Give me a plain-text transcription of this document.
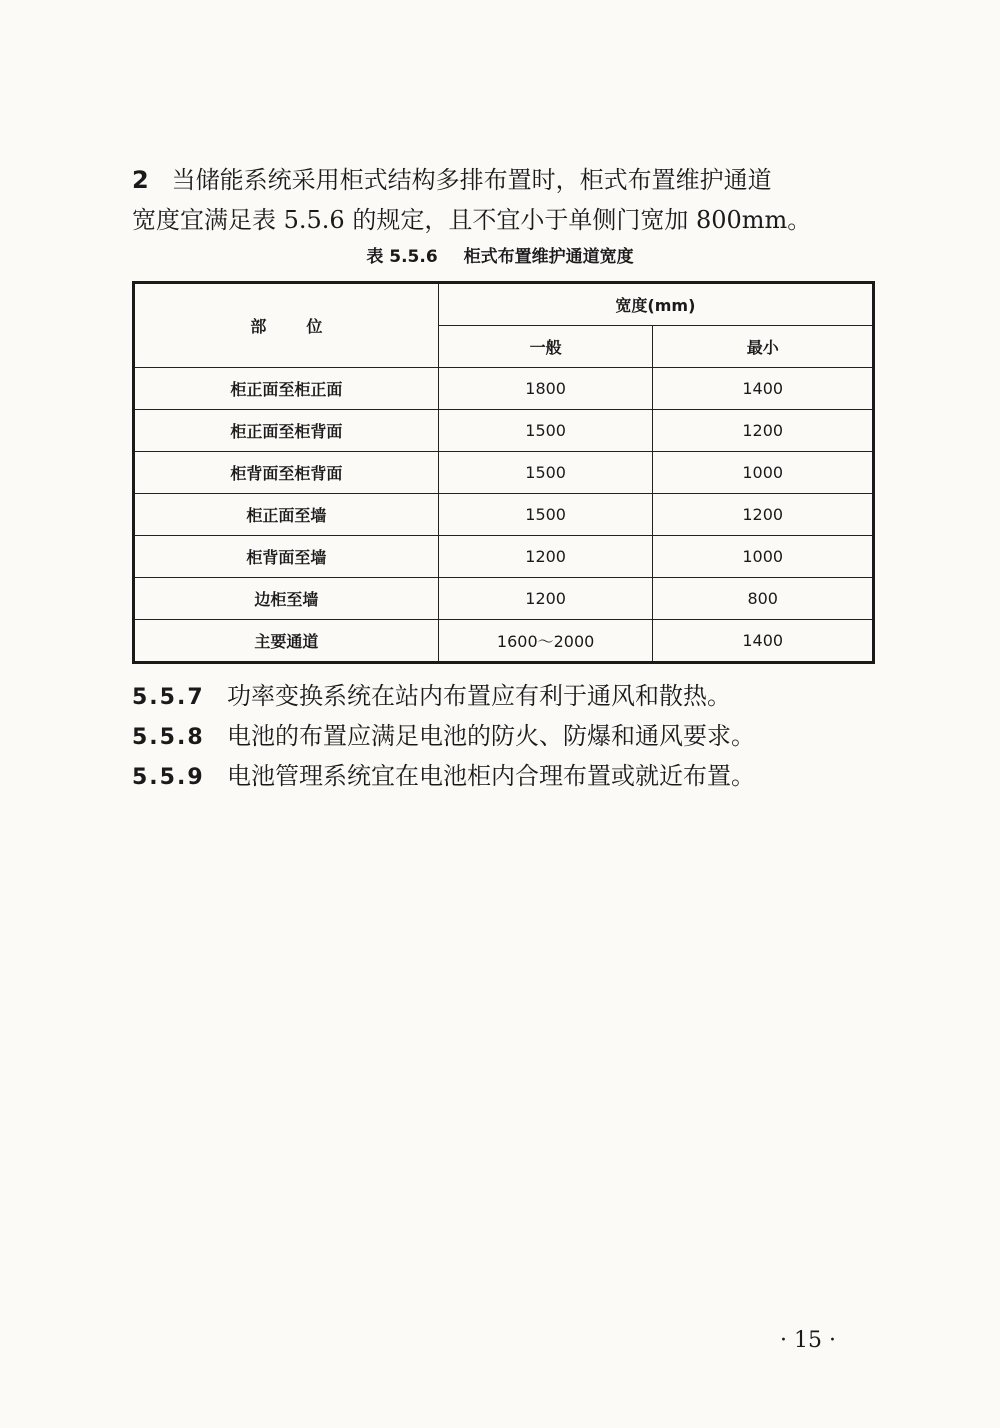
2 当储能系统采用柜式结构多排布置时，柜式布置维护通道
宽度宜满足表 5.5.6 的规定，且不宜小于单侧门宽加 800mm。
表 5.5.6 柜式布置维护通道宽度
部 位	宽度(mm)	
	一般	最小
柜正面至柜正面	1800	1400
柜正面至柜背面	1500	1200
柜背面至柜背面	1500	1000
柜正面至墙	1500	1200
柜背面至墙	1200	1000
边柜至墙	1200	800
主要通道	1600～2000	1400
5.5.7 功率变换系统在站内布置应有利于通风和散热。
5.5.8 电池的布置应满足电池的防火、防爆和通风要求。
5.5.9 电池管理系统宜在电池柜内合理布置或就近布置。
· 15 ·
